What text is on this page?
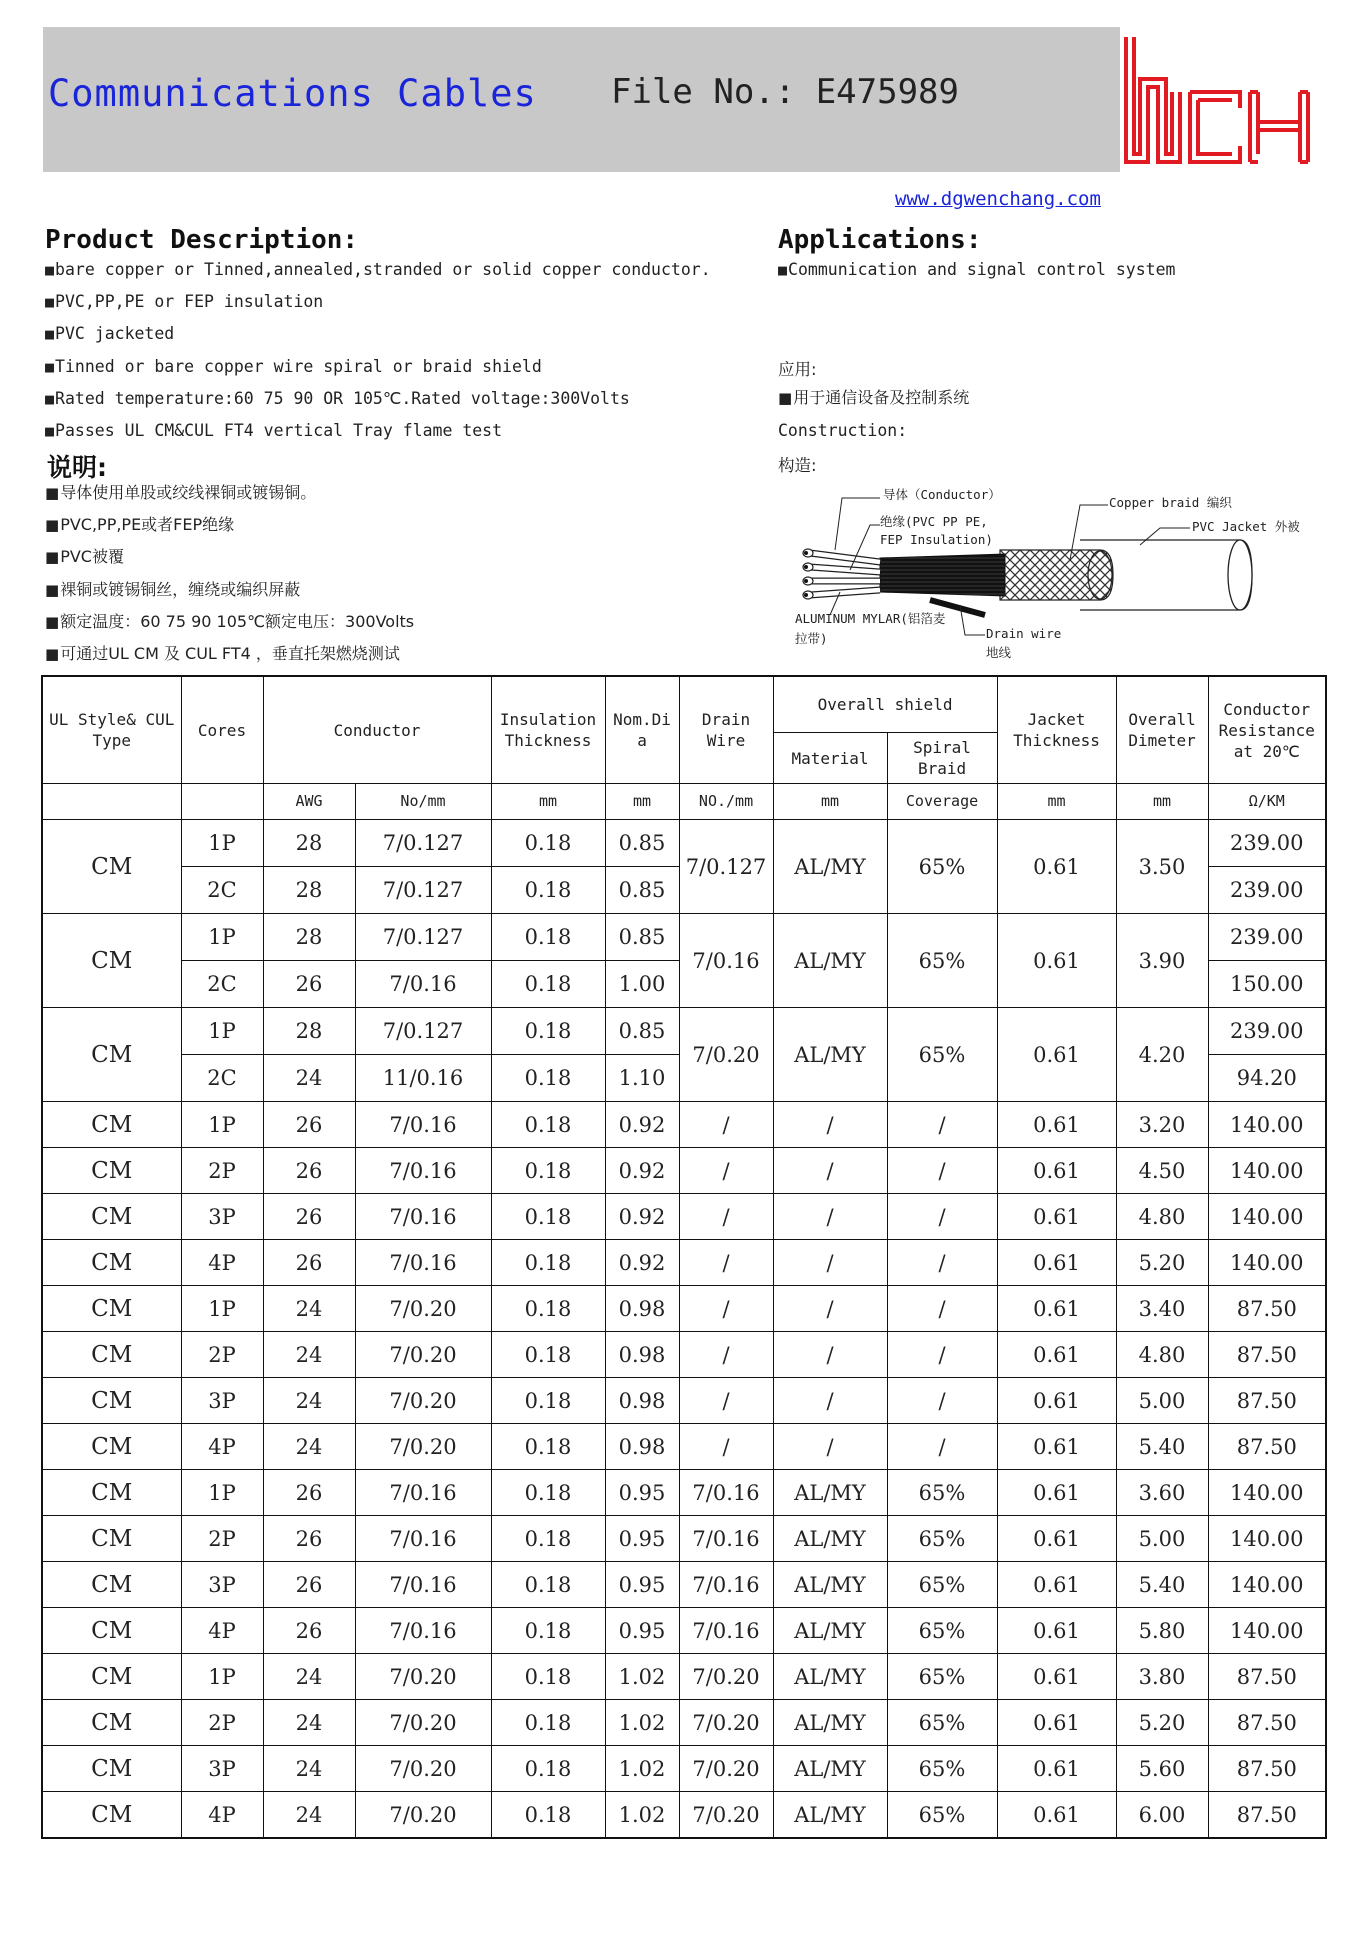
Communications Cables File No.: E475989
www.dgwenchang.com
Product Description:
■ bare copper or Tinned,annealed,stranded or solid copper conductor.
■ PVC,PP,PE or FEP insulation
■ PVC jacketed
■ Tinned or bare copper wire spiral or braid shield
■ Rated temperature:60 75 90 OR 105℃.Rated voltage:300Volts
■ Passes UL CM&CUL FT4 vertical Tray flame test
说明:
■ 导体使用单股或绞线裸铜或镀锡铜。
■ PVC,PP,PE或者FEP绝缘
■ PVC被覆
■ 裸铜或镀锡铜丝，缠绕或编织屏蔽
■ 额定温度：60 75 90 105℃额定电压：300Volts
■ 可通过UL CM 及 CUL FT4 ，垂直托架燃烧测试
Applications:
■ Communication and signal control system
应用:
■ 用于通信设备及控制系统
Construction:
构造:
导体（Conductor）
绝缘(PVC PP PE,
FEP Insulation)
Copper braid 编织
PVC Jacket 外被
ALUMINUM MYLAR(铝箔麦
拉带)	Drain wire
地线
UL Style& CUL Type	Cores	Conductor		Insulation Thickness	Nom.Di a	Drain Wire	Overall shield		Jacket Thickness	Overall Dimeter	Conductor Resistance at 20℃
							Material	Spiral Braid			
		AWG	No/mm	mm	mm	NO./mm	mm	Coverage	mm	mm	Ω/KM
CM	1P	28	7/0.127	0.18	0.85	7/0.127	AL/MY	65%	0.61	3.50	239.00
	2C	28	7/0.127	0.18	0.85						239.00
CM	1P	28	7/0.127	0.18	0.85	7/0.16	AL/MY	65%	0.61	3.90	239.00
	2C	26	7/0.16	0.18	1.00						150.00
CM	1P	28	7/0.127	0.18	0.85	7/0.20	AL/MY	65%	0.61	4.20	239.00
	2C	24	11/0.16	0.18	1.10						94.20
CM	1P	26	7/0.16	0.18	0.92	/	/	/	0.61	3.20	140.00
CM	2P	26	7/0.16	0.18	0.92	/	/	/	0.61	4.50	140.00
CM	3P	26	7/0.16	0.18	0.92	/	/	/	0.61	4.80	140.00
CM	4P	26	7/0.16	0.18	0.92	/	/	/	0.61	5.20	140.00
CM	1P	24	7/0.20	0.18	0.98	/	/	/	0.61	3.40	87.50
CM	2P	24	7/0.20	0.18	0.98	/	/	/	0.61	4.80	87.50
CM	3P	24	7/0.20	0.18	0.98	/	/	/	0.61	5.00	87.50
CM	4P	24	7/0.20	0.18	0.98	/	/	/	0.61	5.40	87.50
CM	1P	26	7/0.16	0.18	0.95	7/0.16	AL/MY	65%	0.61	3.60	140.00
CM	2P	26	7/0.16	0.18	0.95	7/0.16	AL/MY	65%	0.61	5.00	140.00
CM	3P	26	7/0.16	0.18	0.95	7/0.16	AL/MY	65%	0.61	5.40	140.00
CM	4P	26	7/0.16	0.18	0.95	7/0.16	AL/MY	65%	0.61	5.80	140.00
CM	1P	24	7/0.20	0.18	1.02	7/0.20	AL/MY	65%	0.61	3.80	87.50
CM	2P	24	7/0.20	0.18	1.02	7/0.20	AL/MY	65%	0.61	5.20	87.50
CM	3P	24	7/0.20	0.18	1.02	7/0.20	AL/MY	65%	0.61	5.60	87.50
CM	4P	24	7/0.20	0.18	1.02	7/0.20	AL/MY	65%	0.61	6.00	87.50
